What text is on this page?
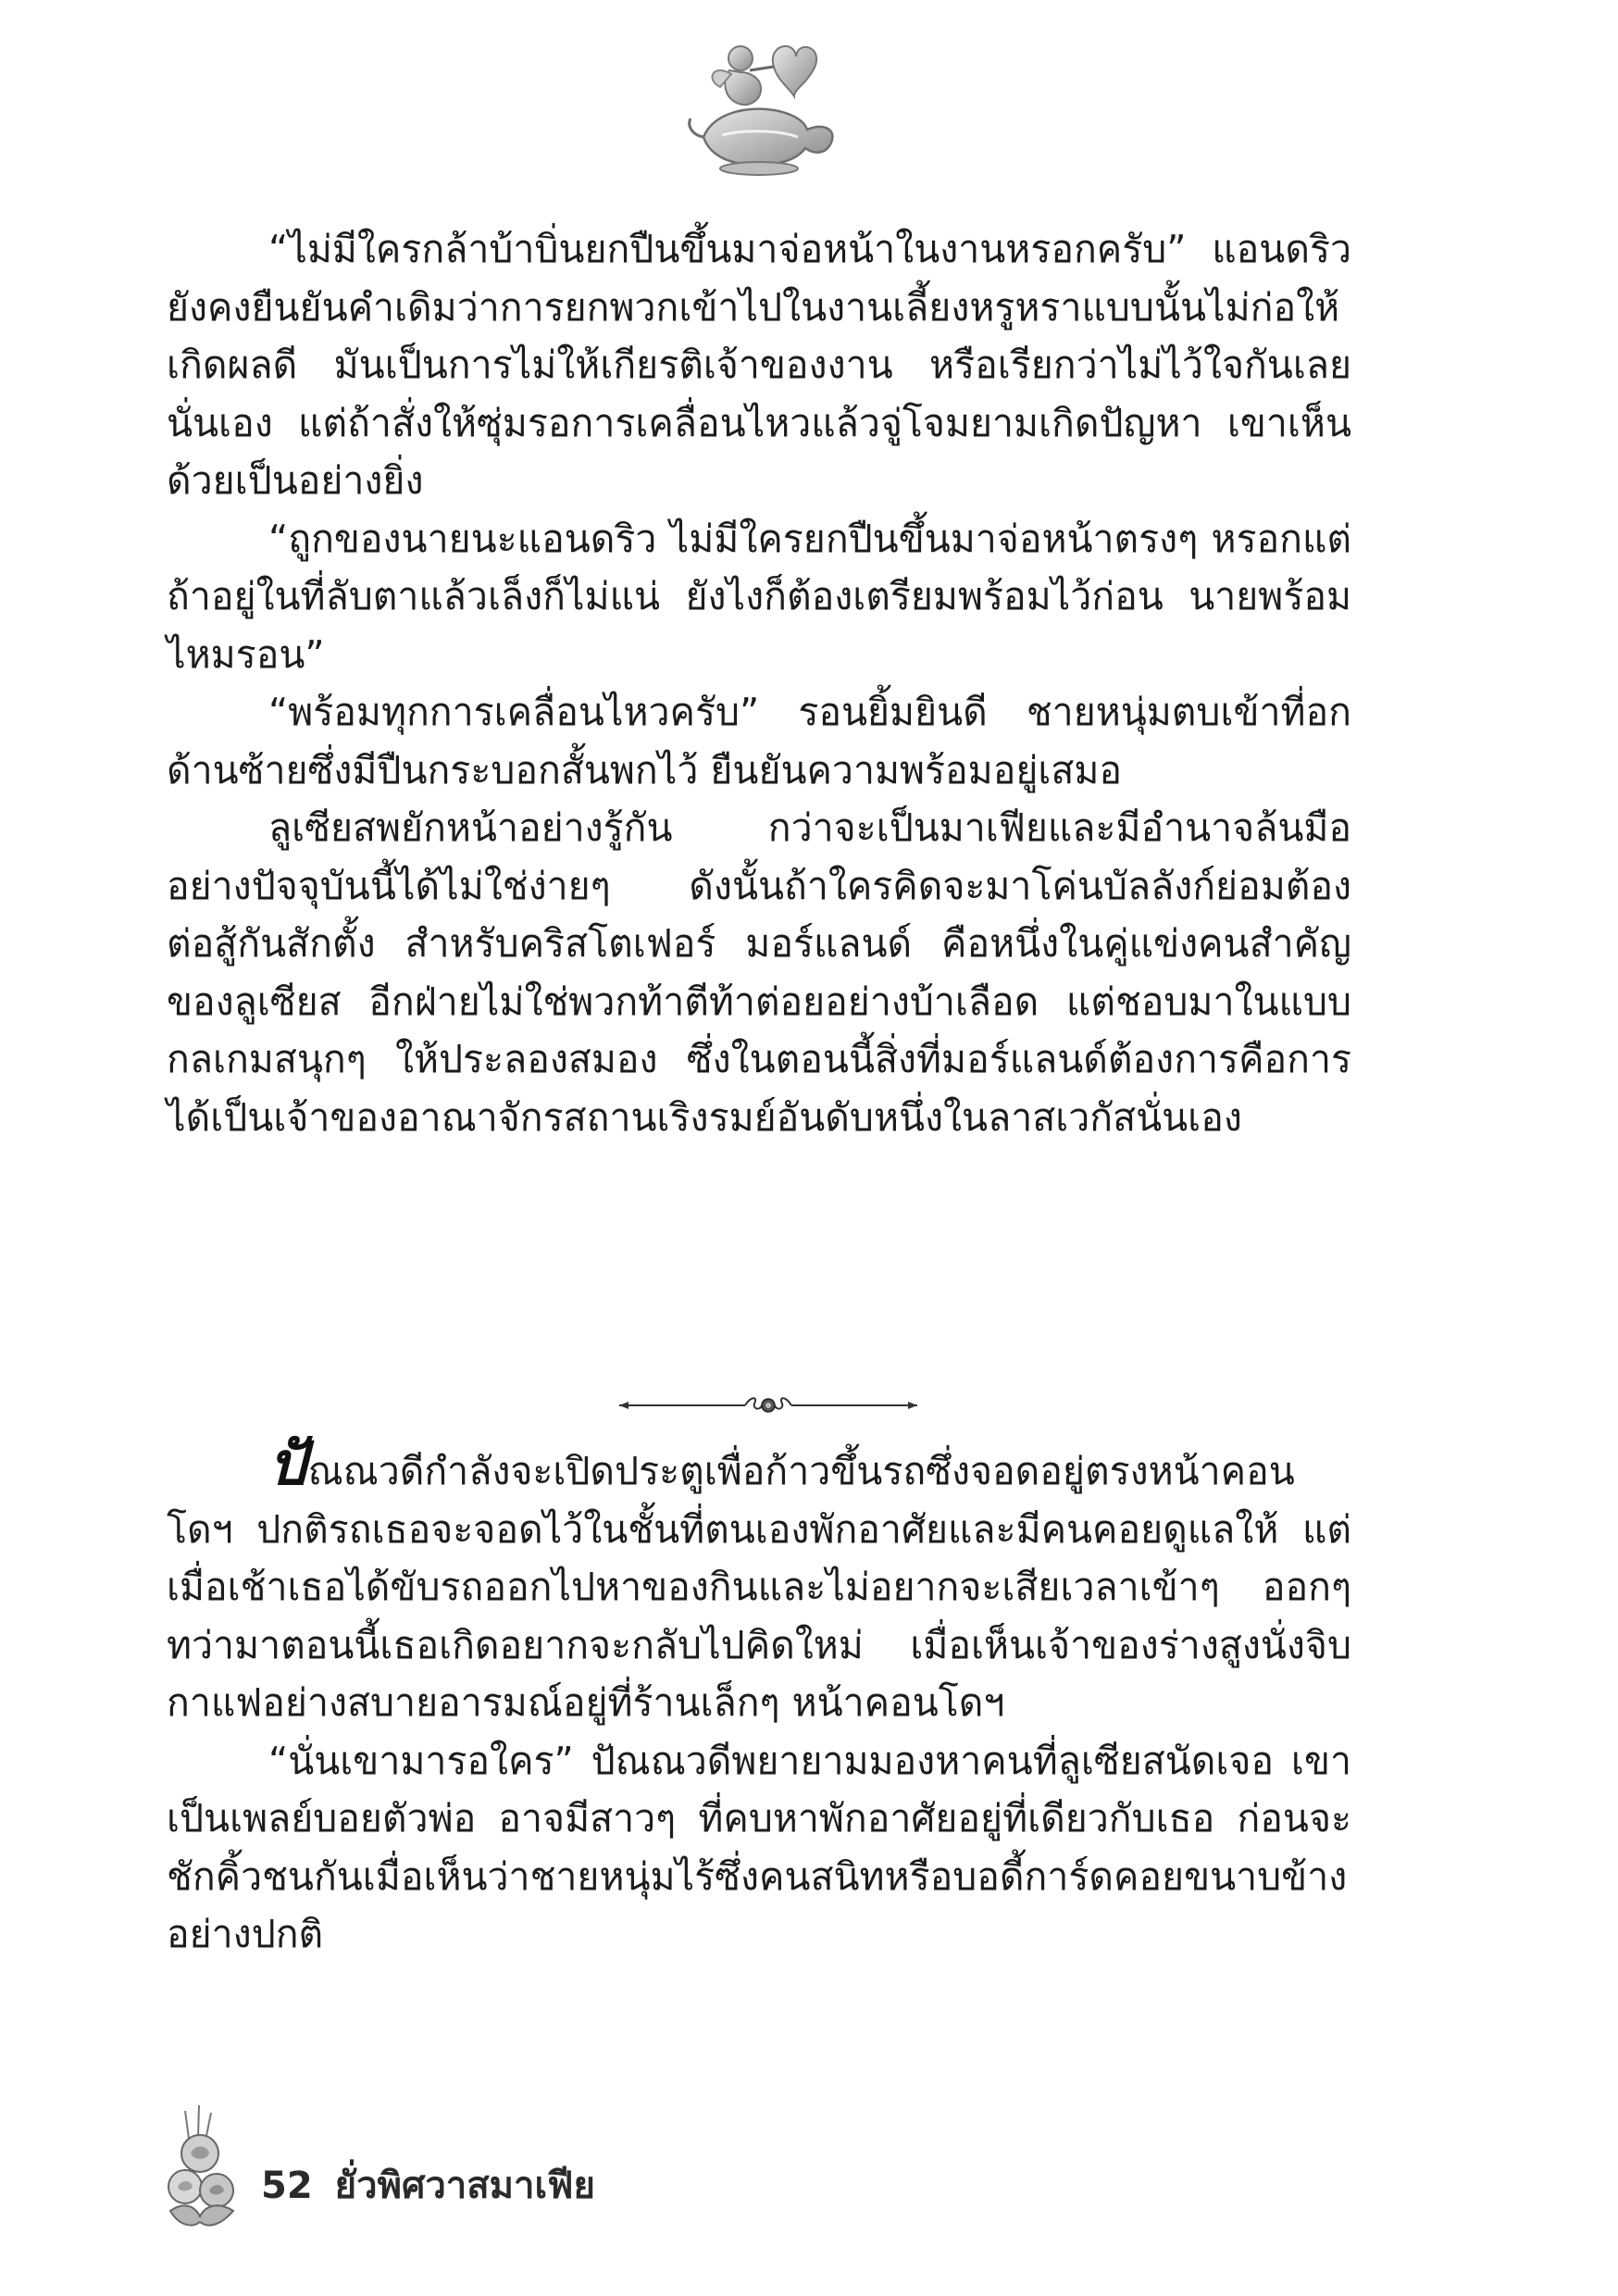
“ไม่มีใครกล้าบ้าบิ่นยกปืนขึ้นมาจ่อหน้าในงานหรอกครับ” แอนดริวยังคงยืนยันคำเดิมว่าการยกพวกเข้าไปในงานเลี้ยงหรูหราแบบนั้นไม่ก่อให้เกิดผลดี มันเป็นการไม่ให้เกียรติเจ้าของงาน หรือเรียกว่าไม่ไว้ใจกันเลยนั่นเอง แต่ถ้าสั่งให้ซุ่มรอการเคลื่อนไหวแล้วจู่โจมยามเกิดปัญหา เขาเห็นด้วยเป็นอย่างยิ่ง

“ถูกของนายนะแอนดริว ไม่มีใครยกปืนขึ้นมาจ่อหน้าตรงๆ หรอกแต่ถ้าอยู่ในที่ลับตาแล้วเล็งก็ไม่แน่ ยังไงก็ต้องเตรียมพร้อมไว้ก่อน นายพร้อมไหมรอน”

“พร้อมทุกการเคลื่อนไหวครับ” รอนยิ้มยินดี ชายหนุ่มตบเข้าที่อกด้านซ้ายซึ่งมีปืนกระบอกสั้นพกไว้ ยืนยันความพร้อมอยู่เสมอ

ลูเซียสพยักหน้าอย่างรู้กัน กว่าจะเป็นมาเฟียและมีอำนาจล้นมืออย่างปัจจุบันนี้ได้ไม่ใช่ง่ายๆ ดังนั้นถ้าใครคิดจะมาโค่นบัลลังก์ย่อมต้องต่อสู้กันสักตั้ง สำหรับคริสโตเฟอร์ มอร์แลนด์ คือหนึ่งในคู่แข่งคนสำคัญของลูเซียส อีกฝ่ายไม่ใช่พวกท้าตีท้าต่อยอย่างบ้าเลือด แต่ชอบมาในแบบกลเกมสนุกๆ ให้ประลองสมอง ซึ่งในตอนนี้สิ่งที่มอร์แลนด์ต้องการคือการได้เป็นเจ้าของอาณาจักรสถานเริงรมย์อันดับหนึ่งในลาสเวกัสนั่นเอง

ปัณณวดีกำลังจะเปิดประตูเพื่อก้าวขึ้นรถซึ่งจอดอยู่ตรงหน้าคอนโดฯ ปกติรถเธอจะจอดไว้ในชั้นที่ตนเองพักอาศัยและมีคนคอยดูแลให้ แต่เมื่อเช้าเธอได้ขับรถออกไปหาของกินและไม่อยากจะเสียเวลาเข้าๆ ออกๆ ทว่ามาตอนนี้เธอเกิดอยากจะกลับไปคิดใหม่ เมื่อเห็นเจ้าของร่างสูงนั่งจิบกาแฟอย่างสบายอารมณ์อยู่ที่ร้านเล็กๆ หน้าคอนโดฯ

“นั่นเขามารอใคร” ปัณณวดีพยายามมองหาคนที่ลูเซียสนัดเจอ เขาเป็นเพลย์บอยตัวพ่อ อาจมีสาวๆ ที่คบหาพักอาศัยอยู่ที่เดียวกับเธอ ก่อนจะชักคิ้วชนกันเมื่อเห็นว่าชายหนุ่มไร้ซึ่งคนสนิทหรือบอดี้การ์ดคอยขนาบข้างอย่างปกติ

52 ยั่วพิศวาสมาเฟีย
